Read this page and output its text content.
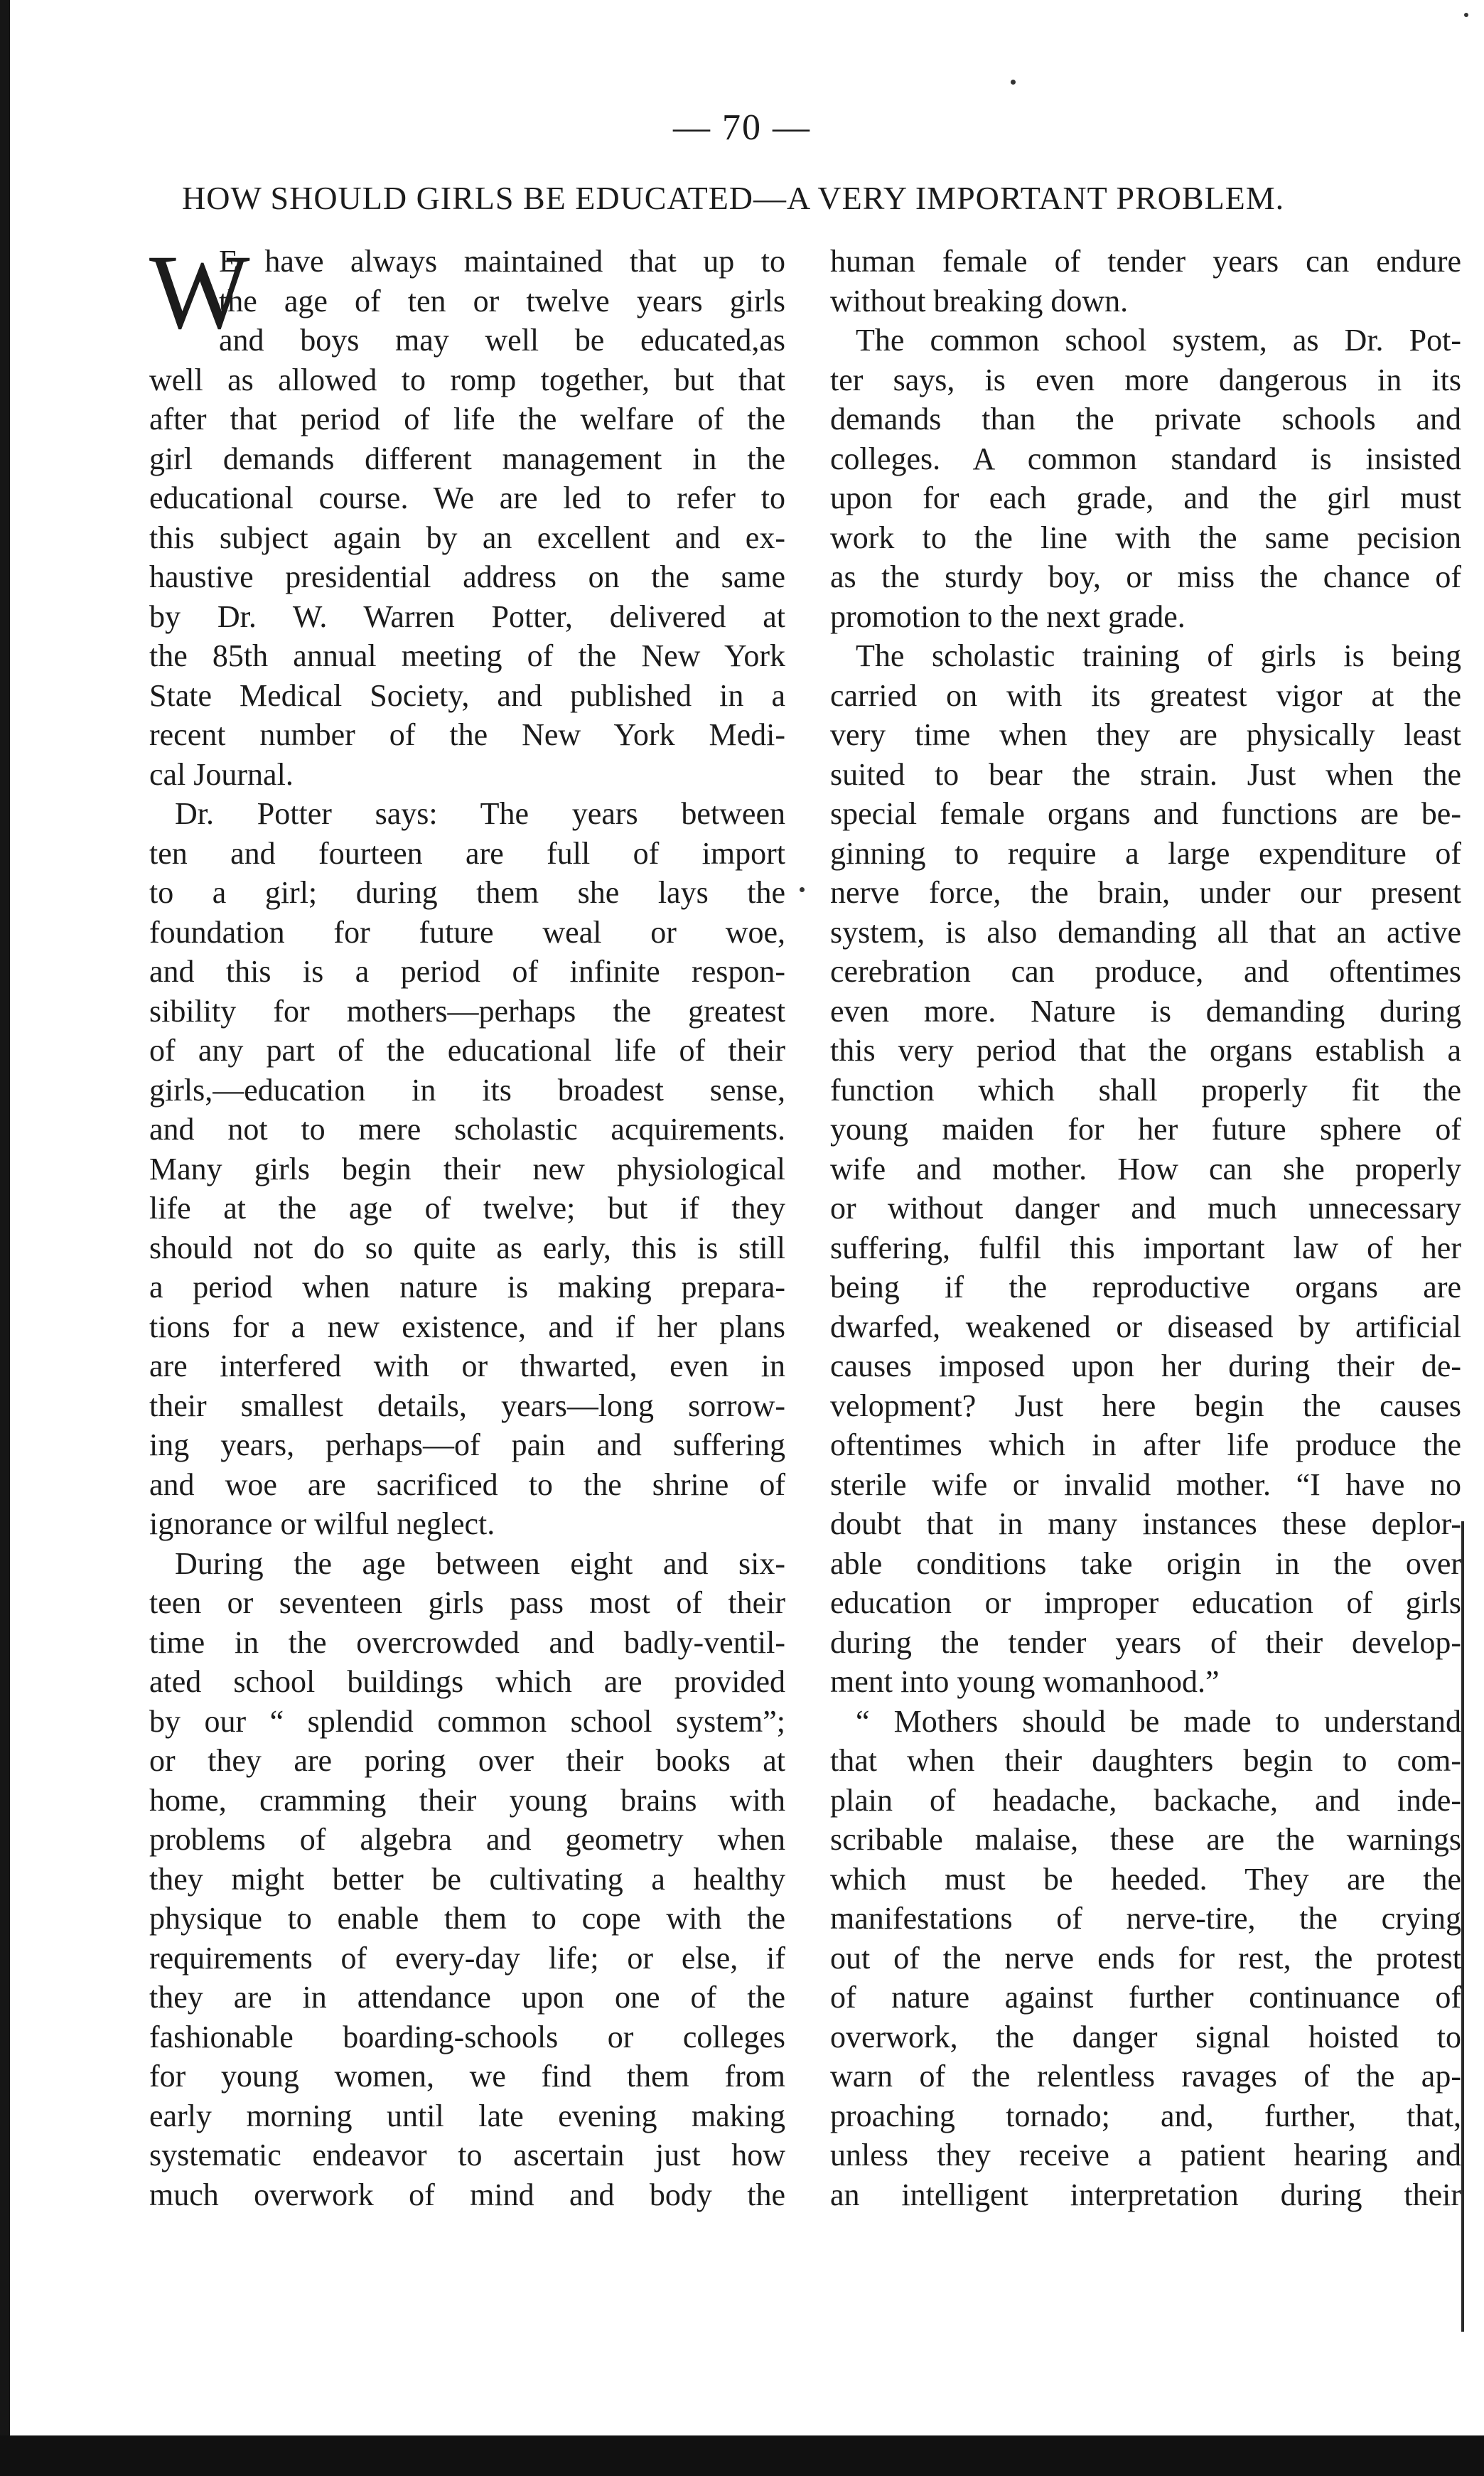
— 70 —
HOW SHOULD GIRLS BE EDUCATED—A VERY IMPORTANT PROBLEM.
W
E have always maintained that up to
the age of ten or twelve years girls
and boys may well be educated,as
well as allowed to romp together, but that
after that period of life the welfare of the
girl demands different management in the
educational course. We are led to refer to
this subject again by an excellent and ex-
haustive presidential address on the same
by Dr. W. Warren Potter, delivered at
the 85th annual meeting of the New York
State Medical Society, and published in a
recent number of the New York Medi-
cal Journal.
Dr. Potter says: The years between
ten and fourteen are full of import
to a girl; during them she lays the
foundation for future weal or woe,
and this is a period of infinite respon-
sibility for mothers—perhaps the greatest
of any part of the educational life of their
girls,—education in its broadest sense,
and not to mere scholastic acquirements.
Many girls begin their new physiological
life at the age of twelve; but if they
should not do so quite as early, this is still
a period when nature is making prepara-
tions for a new existence, and if her plans
are interfered with or thwarted, even in
their smallest details, years—long sorrow-
ing years, perhaps—of pain and suffering
and woe are sacrificed to the shrine of
ignorance or wilful neglect.
During the age between eight and six-
teen or seventeen girls pass most of their
time in the overcrowded and badly-ventil-
ated school buildings which are provided
by our “ splendid common school system”;
or they are poring over their books at
home, cramming their young brains with
problems of algebra and geometry when
they might better be cultivating a healthy
physique to enable them to cope with the
requirements of every-day life; or else, if
they are in attendance upon one of the
fashionable boarding-schools or colleges
for young women, we find them from
early morning until late evening making
systematic endeavor to ascertain just how
much overwork of mind and body the
human female of tender years can endure
without breaking down.
The common school system, as Dr. Pot-
ter says, is even more dangerous in its
demands than the private schools and
colleges. A common standard is insisted
upon for each grade, and the girl must
work to the line with the same pecision
as the sturdy boy, or miss the chance of
promotion to the next grade.
The scholastic training of girls is being
carried on with its greatest vigor at the
very time when they are physically least
suited to bear the strain. Just when the
special female organs and functions are be-
ginning to require a large expenditure of
nerve force, the brain, under our present
system, is also demanding all that an active
cerebration can produce, and oftentimes
even more. Nature is demanding during
this very period that the organs establish a
function which shall properly fit the
young maiden for her future sphere of
wife and mother. How can she properly
or without danger and much unnecessary
suffering, fulfil this important law of her
being if the reproductive organs are
dwarfed, weakened or diseased by artificial
causes imposed upon her during their de-
velopment? Just here begin the causes
oftentimes which in after life produce the
sterile wife or invalid mother. “I have no
doubt that in many instances these deplor-
able conditions take origin in the over
education or improper education of girls
during the tender years of their develop-
ment into young womanhood.”
“ Mothers should be made to understand
that when their daughters begin to com-
plain of headache, backache, and inde-
scribable malaise, these are the warnings
which must be heeded. They are the
manifestations of nerve-tire, the crying
out of the nerve ends for rest, the protest
of nature against further continuance of
overwork, the danger signal hoisted to
warn of the relentless ravages of the ap-
proaching tornado; and, further, that,
unless they receive a patient hearing and
an intelligent interpretation during their
